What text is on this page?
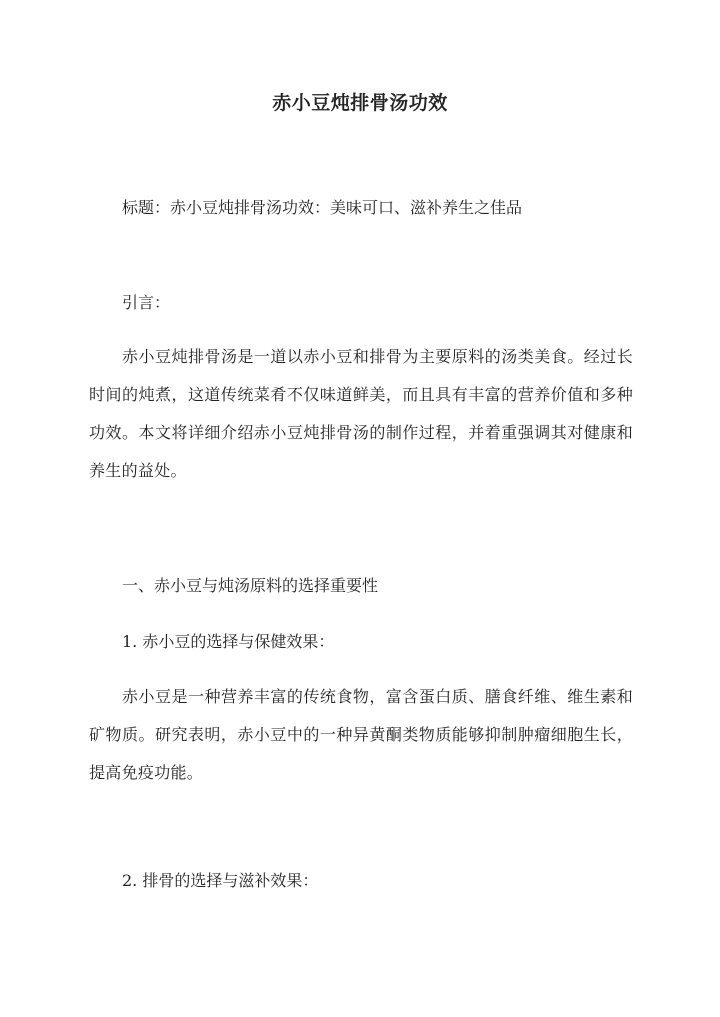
赤小豆炖排骨汤功效

标题：赤小豆炖排骨汤功效：美味可口、滋补养生之佳品

引言：

赤小豆炖排骨汤是一道以赤小豆和排骨为主要原料的汤类美食。经过长时间的炖煮，这道传统菜肴不仅味道鲜美，而且具有丰富的营养价值和多种功效。本文将详细介绍赤小豆炖排骨汤的制作过程，并着重强调其对健康和养生的益处。

一、赤小豆与炖汤原料的选择重要性

1. 赤小豆的选择与保健效果：

赤小豆是一种营养丰富的传统食物，富含蛋白质、膳食纤维、维生素和矿物质。研究表明，赤小豆中的一种异黄酮类物质能够抑制肿瘤细胞生长，提高免疫功能。

2. 排骨的选择与滋补效果：
